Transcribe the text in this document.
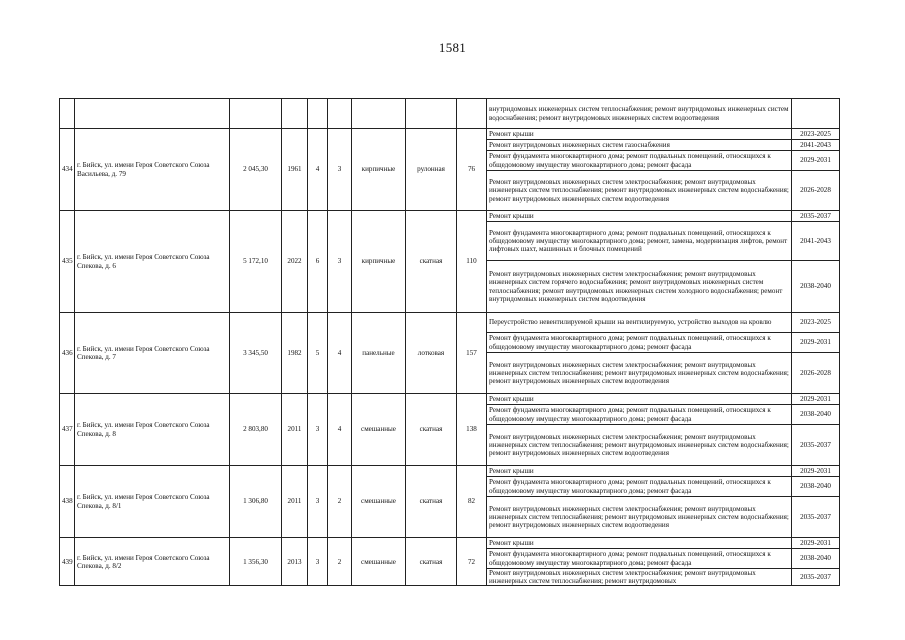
1581
									внутридомовых инженерных систем теплоснабжения; ремонт внутридомовых инженерных систем водоснабжения; ремонт внутридомовых инженерных систем водоотведения	
434	г. Бийск, ул. имени Героя Советского Союза Васильева, д. 79	2 045,30	1961	4	3	кирпичные	рулонная	76	Ремонт крыши	2023-2025
									Ремонт внутридомовых инженерных систем газоснабжения	2041-2043
									Ремонт фундамента многоквартирного дома; ремонт подвальных помещений, относящихся к общедомовому имуществу многоквартирного дома; ремонт фасада	2029-2031
									Ремонт внутридомовых инженерных систем электроснабжения; ремонт внутридомовых инженерных систем теплоснабжения; ремонт внутридомовых инженерных систем водоснабжения; ремонт внутридомовых инженерных систем водоотведения	2026-2028
435	г. Бийск, ул. имени Героя Советского Союза Спекова, д. 6	5 172,10	2022	6	3	кирпичные	скатная	110	Ремонт крыши	2035-2037
									Ремонт фундамента многоквартирного дома; ремонт подвальных помещений, относящихся к общедомовому имуществу многоквартирного дома; ремонт, замена, модернизация лифтов, ремонт лифтовых шахт, машинных и блочных помещений	2041-2043
									Ремонт внутридомовых инженерных систем электроснабжения; ремонт внутридомовых инженерных систем горячего водоснабжения; ремонт внутридомовых инженерных систем теплоснабжения; ремонт внутридомовых инженерных систем холодного водоснабжения; ремонт внутридомовых инженерных систем водоотведения	2038-2040
436	г. Бийск, ул. имени Героя Советского Союза Спекова, д. 7	3 345,50	1982	5	4	панельные	лотковая	157	Переустройство невентилируемой крыши на вентилируемую, устройство выходов на кровлю	2023-2025
									Ремонт фундамента многоквартирного дома; ремонт подвальных помещений, относящихся к общедомовому имуществу многоквартирного дома; ремонт фасада	2029-2031
									Ремонт внутридомовых инженерных систем электроснабжения; ремонт внутридомовых инженерных систем теплоснабжения; ремонт внутридомовых инженерных систем водоснабжения; ремонт внутридомовых инженерных систем водоотведения	2026-2028
437	г. Бийск, ул. имени Героя Советского Союза Спекова, д. 8	2 803,80	2011	3	4	смешанные	скатная	138	Ремонт крыши	2029-2031
									Ремонт фундамента многоквартирного дома; ремонт подвальных помещений, относящихся к общедомовому имуществу многоквартирного дома; ремонт фасада	2038-2040
									Ремонт внутридомовых инженерных систем электроснабжения; ремонт внутридомовых инженерных систем теплоснабжения; ремонт внутридомовых инженерных систем водоснабжения; ремонт внутридомовых инженерных систем водоотведения	2035-2037
438	г. Бийск, ул. имени Героя Советского Союза Спекова, д. 8/1	1 306,80	2011	3	2	смешанные	скатная	82	Ремонт крыши	2029-2031
									Ремонт фундамента многоквартирного дома; ремонт подвальных помещений, относящихся к общедомовому имуществу многоквартирного дома; ремонт фасада	2038-2040
									Ремонт внутридомовых инженерных систем электроснабжения; ремонт внутридомовых инженерных систем теплоснабжения; ремонт внутридомовых инженерных систем водоснабжения; ремонт внутридомовых инженерных систем водоотведения	2035-2037
439	г. Бийск, ул. имени Героя Советского Союза Спекова, д. 8/2	1 356,30	2013	3	2	смешанные	скатная	72	Ремонт крыши	2029-2031
									Ремонт фундамента многоквартирного дома; ремонт подвальных помещений, относящихся к общедомовому имуществу многоквартирного дома; ремонт фасада	2038-2040
									Ремонт внутридомовых инженерных систем электроснабжения; ремонт внутридомовых инженерных систем теплоснабжения; ремонт внутридомовых	2035-2037
